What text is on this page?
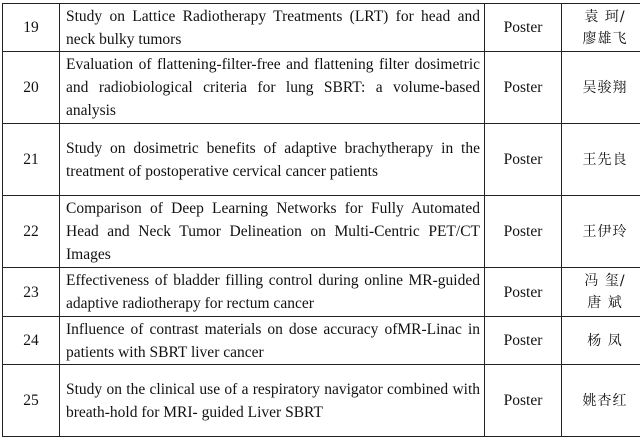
19	Study on Lattice Radiotherapy Treatments (LRT) for head and neck bulky tumors	Poster	袁 珂/
廖雄飞

20	Evaluation of flattening-filter-free and flattening filter dosimetric and radiobiological criteria for lung SBRT: a volume-based analysis	Poster	吴骏翔

21	Study on dosimetric benefits of adaptive brachytherapy in the treatment of postoperative cervical cancer patients	Poster	王先良

22	Comparison of Deep Learning Networks for Fully Automated Head and Neck Tumor Delineation on Multi-Centric PET/CT Images	Poster	王伊玲

23	Effectiveness of bladder filling control during online MR-guided adaptive radiotherapy for rectum cancer	Poster	冯 玺/
唐 斌

24	Influence of contrast materials on dose accuracy ofMR-Linac in patients with SBRT liver cancer	Poster	杨 凤

25	Study on the clinical use of a respiratory navigator combined with breath-hold for MRI- guided Liver SBRT	Poster	姚杏红
